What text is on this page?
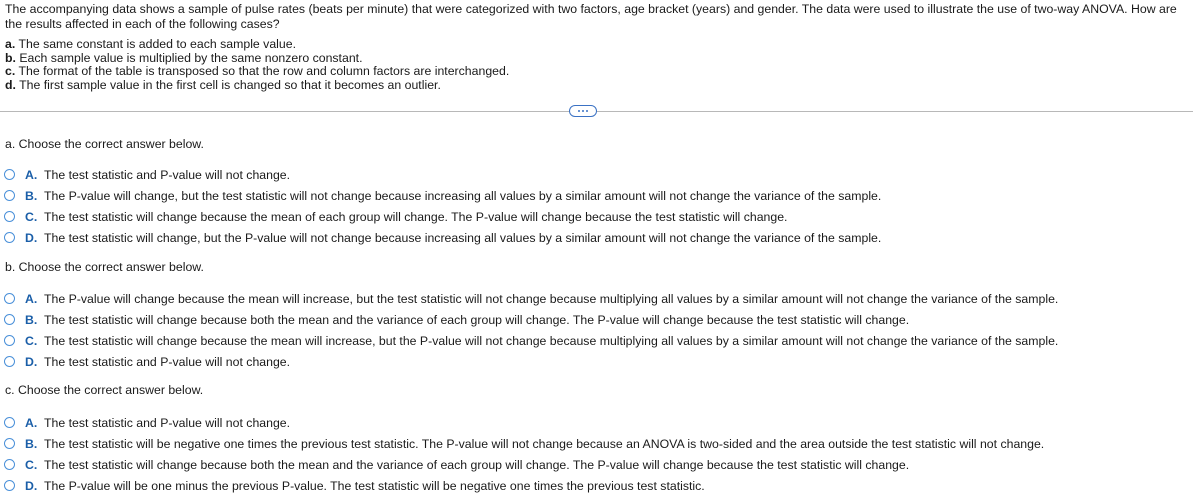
The accompanying data shows a sample of pulse rates (beats per minute) that were categorized with two factors, age bracket (years) and gender. The data were used to illustrate the use of two-way ANOVA. How are the results affected in each of the following cases?
a. The same constant is added to each sample value.
b. Each sample value is multiplied by the same nonzero constant.
c. The format of the table is transposed so that the row and column factors are interchanged.
d. The first sample value in the first cell is changed so that it becomes an outlier.
a. Choose the correct answer below.
A. The test statistic and P-value will not change.
B. The P-value will change, but the test statistic will not change because increasing all values by a similar amount will not change the variance of the sample.
C. The test statistic will change because the mean of each group will change. The P-value will change because the test statistic will change.
D. The test statistic will change, but the P-value will not change because increasing all values by a similar amount will not change the variance of the sample.
b. Choose the correct answer below.
A. The P-value will change because the mean will increase, but the test statistic will not change because multiplying all values by a similar amount will not change the variance of the sample.
B. The test statistic will change because both the mean and the variance of each group will change. The P-value will change because the test statistic will change.
C. The test statistic will change because the mean will increase, but the P-value will not change because multiplying all values by a similar amount will not change the variance of the sample.
D. The test statistic and P-value will not change.
c. Choose the correct answer below.
A. The test statistic and P-value will not change.
B. The test statistic will be negative one times the previous test statistic. The P-value will not change because an ANOVA is two-sided and the area outside the test statistic will not change.
C. The test statistic will change because both the mean and the variance of each group will change. The P-value will change because the test statistic will change.
D. The P-value will be one minus the previous P-value. The test statistic will be negative one times the previous test statistic.
